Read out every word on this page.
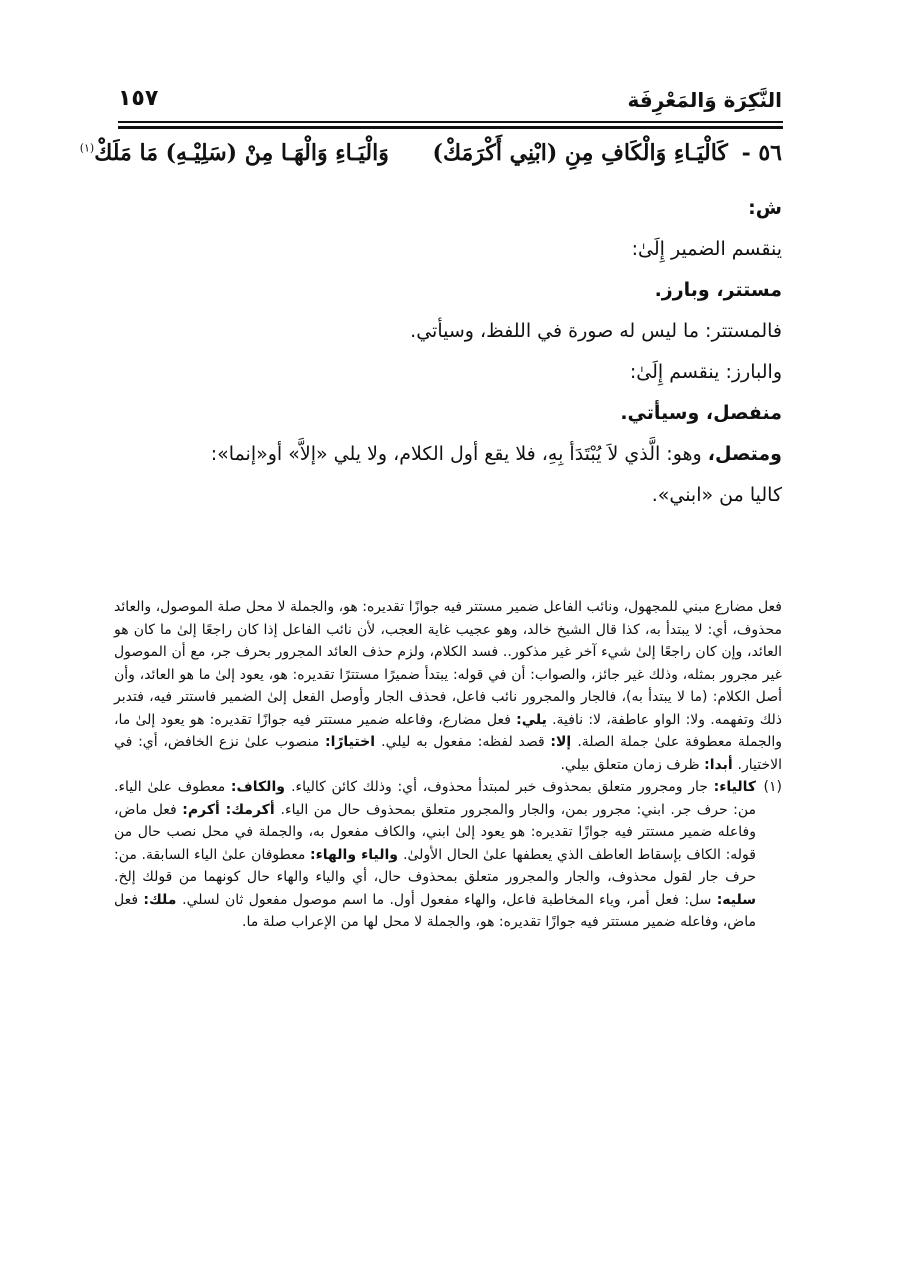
النَّكِرَة وَالمَعْرِفَة
١٥٧
٥٦ - كَالْيَـاءِ وَالْكَافِ مِنِ (ابْنِي أَكْرَمَكْ) وَالْيَـاءِ وَالْهَـا مِنْ (سَلِيْـهِ) مَا مَلَكْ$^{(١)}$

ش:

ينقسم الضمير إِلَىٰ:

مستتر، وبارز.

فالمستتر: ما ليس له صورة في اللفظ، وسيأتي.

والبارز: ينقسم إِلَىٰ:

منفصل، وسيأتي.

ومتصل، وهو: الَّذي لاَ يُبْتَدَأ بِهِ، فلا يقع أول الكلام، ولا يلي «إلاَّ» أو«إنما»:

كاليا من «ابني».

فعل مضارع مبني للمجهول، ونائب الفاعل ضمير مستتر فيه جوازًا تقديره: هو، والجملة لا محل صلة الموصول، والعائد محذوف، أي: لا يبتدأ به، كذا قال الشيخ خالد، وهو عجيب غاية العجب، لأن نائب الفاعل إذا كان راجعًا إلىٰ ما كان هو العائد، وإن كان راجعًا إلىٰ شيء آخر غير مذكور.. فسد الكلام، ولزم حذف العائد المجرور بحرف جر، مع أن الموصول غير مجرور بمثله، وذلك غير جائز، والصواب: أن في قوله: يبتدأ ضميرًا مستترًا تقديره: هو، يعود إلىٰ ما هو العائد، وأن أصل الكلام: (ما لا يبتدأ به)، فالجار والمجرور نائب فاعل، فحذف الجار وأوصل الفعل إلىٰ الضمير فاستتر فيه، فتدبر ذلك وتفهمه. ولا: الواو عاطفة، لا: نافية. يلي: فعل مضارع، وفاعله ضمير مستتر فيه جوازًا تقديره: هو يعود إلىٰ ما، والجملة معطوفة علىٰ جملة الصلة. إلا: قصد لفظه: مفعول به ليلي. اختيارًا: منصوب علىٰ نزع الخافض، أي: في الاختيار. أبدا: ظرف زمان متعلق بيلي.

(١)
كالياء: جار ومجرور متعلق بمحذوف خبر لمبتدأ محذوف، أي: وذلك كائن كالياء. والكاف: معطوف علىٰ الياء. من: حرف جر. ابني: مجرور بمن، والجار والمجرور متعلق بمحذوف حال من الياء. أكرمك: أكرم: فعل ماض، وفاعله ضمير مستتر فيه جوازًا تقديره: هو يعود إلىٰ ابني، والكاف مفعول به، والجملة في محل نصب حال من قوله: الكاف بإسقاط العاطف الذي يعطفها علىٰ الحال الأولىٰ. والياء والهاء: معطوفان علىٰ الياء السابقة. من: حرف جار لقول محذوف، والجار والمجرور متعلق بمحذوف حال، أي والياء والهاء حال كونهما من قولك إلخ. سليه: سل: فعل أمر، وياء المخاطبة فاعل، والهاء مفعول أول. ما اسم موصول مفعول ثان لسلي. ملك: فعل ماض، وفاعله ضمير مستتر فيه جوازًا تقديره: هو، والجملة لا محل لها من الإعراب صلة ما.
